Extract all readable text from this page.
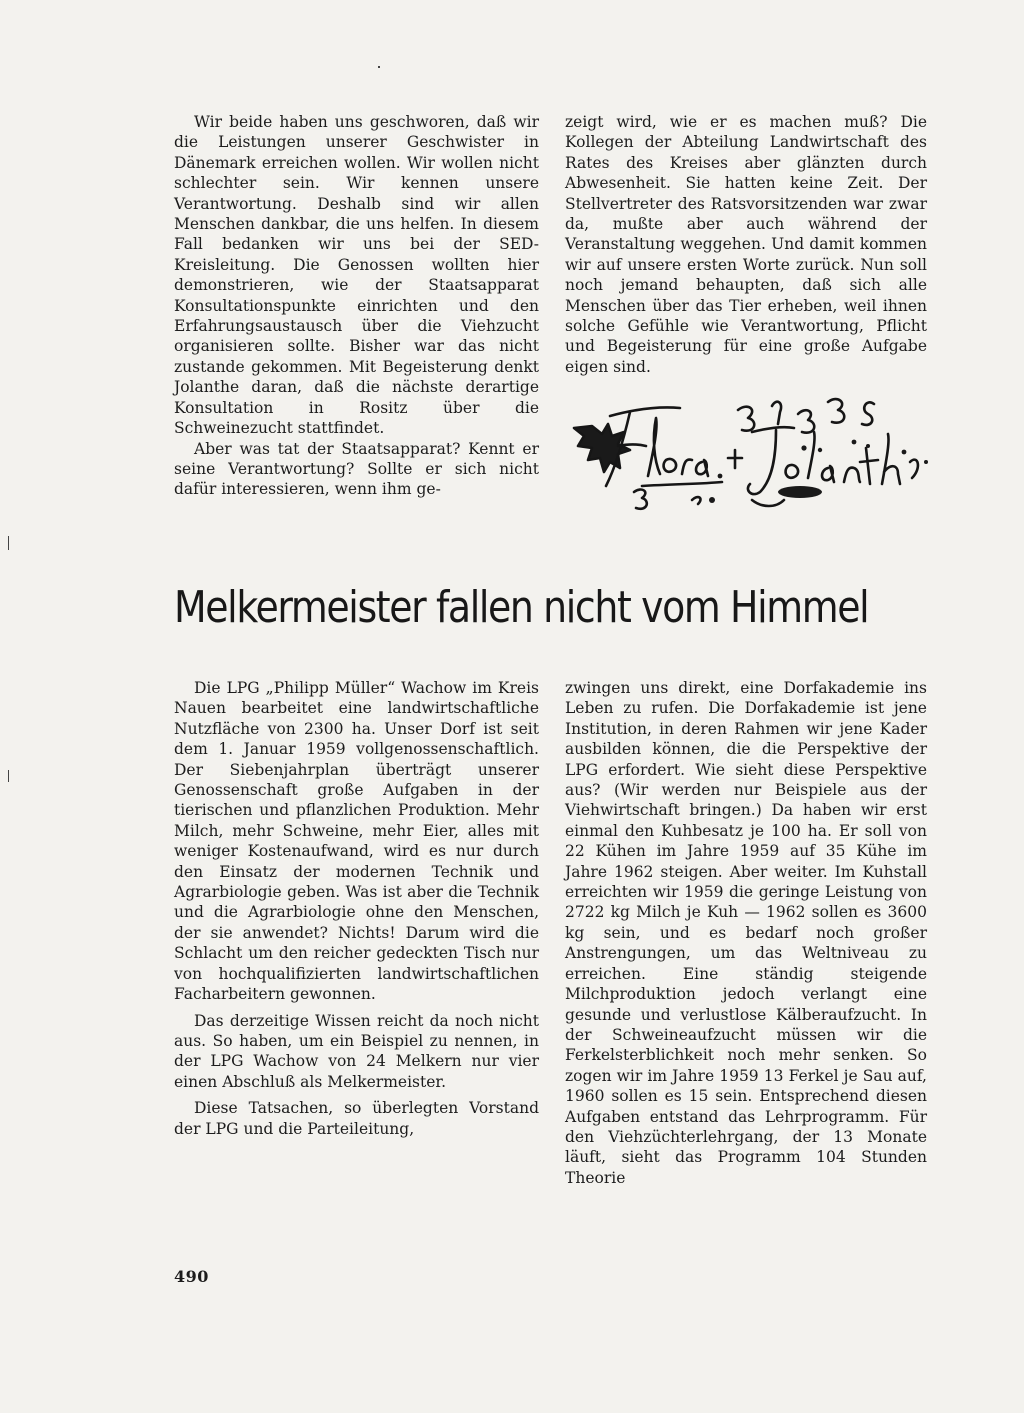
Wir beide haben uns geschworen, daß wir die Leistungen unserer Geschwister in Dänemark erreichen wollen. Wir wollen nicht schlechter sein. Wir kennen unsere Verantwortung. Deshalb sind wir allen Menschen dankbar, die uns helfen. In diesem Fall bedanken wir uns bei der SED-Kreisleitung. Die Genossen wollten hier demonstrieren, wie der Staatsapparat Konsultationspunkte einrichten und den Erfahrungsaustausch über die Viehzucht organisieren sollte. Bisher war das nicht zustande gekommen. Mit Begeisterung denkt Jolanthe daran, daß die nächste derartige Konsultation in Rositz über die Schweinezucht stattfindet.

Aber was tat der Staatsapparat? Kennt er seine Verantwortung? Sollte er sich nicht dafür interessieren, wenn ihm ge-

zeigt wird, wie er es machen muß? Die Kollegen der Abteilung Landwirtschaft des Rates des Kreises aber glänzten durch Abwesenheit. Sie hatten keine Zeit. Der Stellvertreter des Ratsvorsitzenden war zwar da, mußte aber auch während der Veranstaltung weggehen. Und damit kommen wir auf unsere ersten Worte zurück. Nun soll noch jemand behaupten, daß sich alle Menschen über das Tier erheben, weil ihnen solche Gefühle wie Verantwortung, Pflicht und Begeisterung für eine große Aufgabe eigen sind.

Melkermeister fallen nicht vom Himmel

Die LPG „Philipp Müller“ Wachow im Kreis Nauen bearbeitet eine landwirtschaftliche Nutzfläche von 2300 ha. Unser Dorf ist seit dem 1. Januar 1959 vollgenossenschaftlich. Der Siebenjahrplan überträgt unserer Genossenschaft große Aufgaben in der tierischen und pflanzlichen Produktion. Mehr Milch, mehr Schweine, mehr Eier, alles mit weniger Kostenaufwand, wird es nur durch den Einsatz der modernen Technik und Agrarbiologie geben. Was ist aber die Technik und die Agrarbiologie ohne den Menschen, der sie anwendet? Nichts! Darum wird die Schlacht um den reicher gedeckten Tisch nur von hochqualifizierten landwirtschaftlichen Facharbeitern gewonnen.

Das derzeitige Wissen reicht da noch nicht aus. So haben, um ein Beispiel zu nennen, in der LPG Wachow von 24 Melkern nur vier einen Abschluß als Melkermeister.

Diese Tatsachen, so überlegten Vorstand der LPG und die Parteileitung,

zwingen uns direkt, eine Dorfakademie ins Leben zu rufen. Die Dorfakademie ist jene Institution, in deren Rahmen wir jene Kader ausbilden können, die die Perspektive der LPG erfordert. Wie sieht diese Perspektive aus? (Wir werden nur Beispiele aus der Viehwirtschaft bringen.) Da haben wir erst einmal den Kuhbesatz je 100 ha. Er soll von 22 Kühen im Jahre 1959 auf 35 Kühe im Jahre 1962 steigen. Aber weiter. Im Kuhstall erreichten wir 1959 die geringe Leistung von 2722 kg Milch je Kuh — 1962 sollen es 3600 kg sein, und es bedarf noch großer Anstrengungen, um das Weltniveau zu erreichen. Eine ständig steigende Milchproduktion jedoch verlangt eine gesunde und verlustlose Kälberaufzucht. In der Schweineaufzucht müssen wir die Ferkelsterblichkeit noch mehr senken. So zogen wir im Jahre 1959 13 Ferkel je Sau auf, 1960 sollen es 15 sein. Entsprechend diesen Aufgaben entstand das Lehrprogramm. Für den Viehzüchterlehrgang, der 13 Monate läuft, sieht das Programm 104 Stunden Theorie

490
